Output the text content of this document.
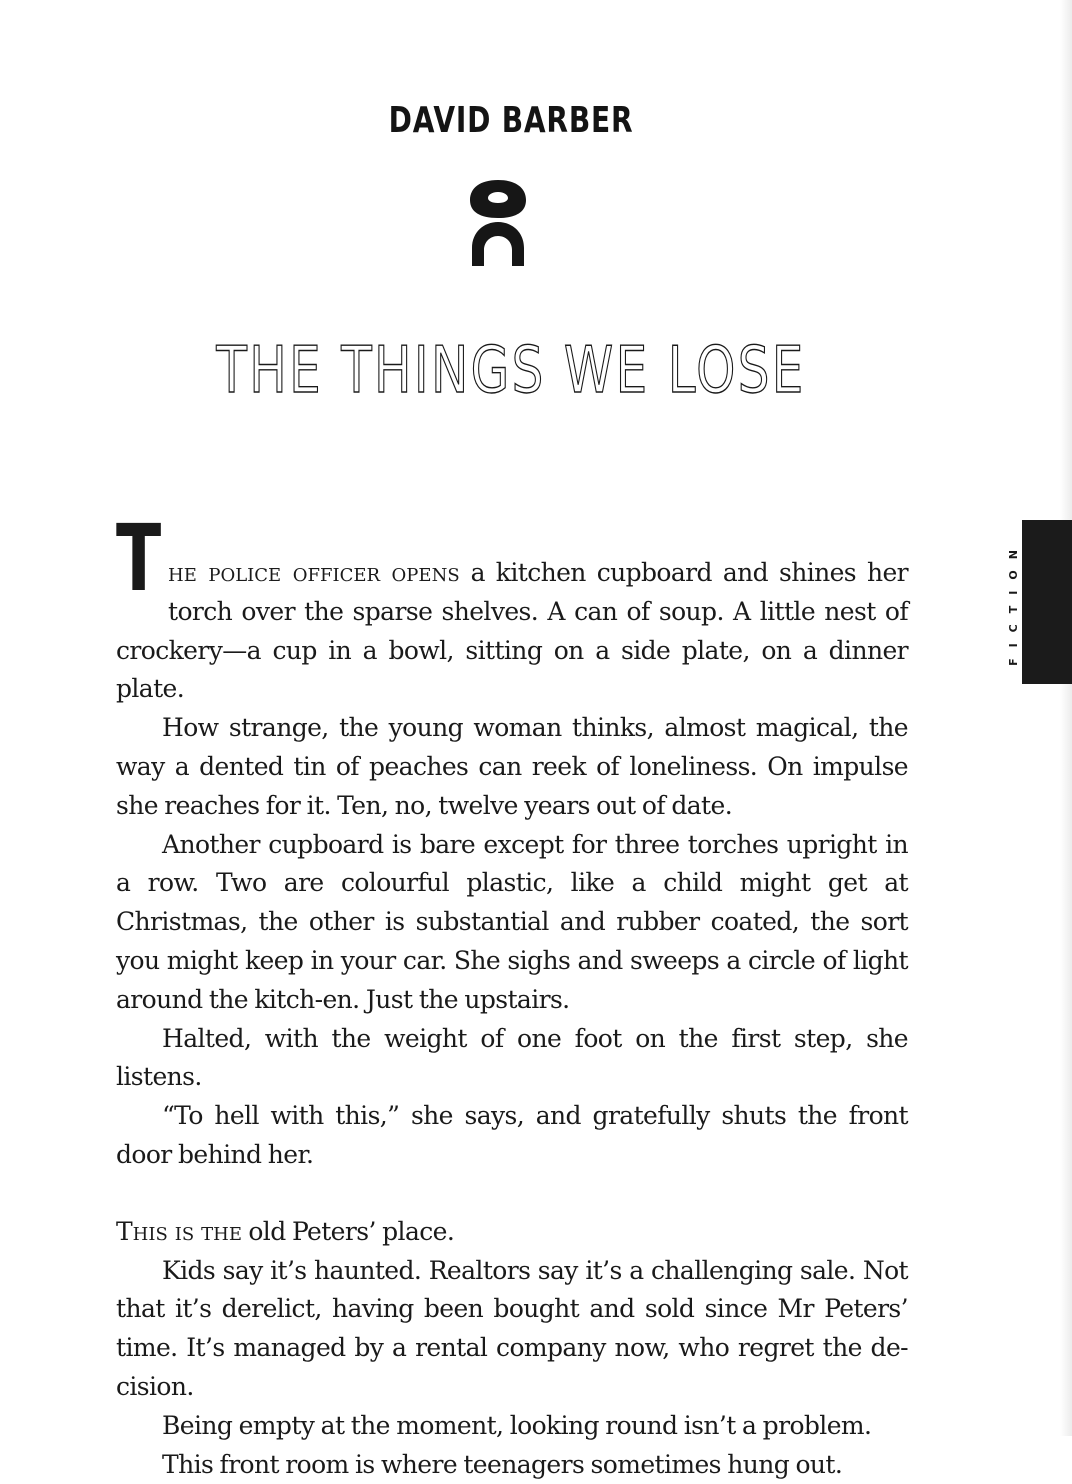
DAVID BARBER
THE THINGS WE LOSE
FICTION

The police officer opens a kitchen cupboard and shines her torch over the sparse shelves. A can of soup. A little nest of crockery—a cup in a bowl, sitting on a side plate, on a dinner plate.

How strange, the young woman thinks, almost magical, the way a dented tin of peaches can reek of loneliness. On impulse she reaches for it. Ten, no, twelve years out of date.

Another cupboard is bare except for three torches upright in a row. Two are colourful plastic, like a child might get at Christmas, the other is substantial and rubber coated, the sort you might keep in your car. She sighs and sweeps a circle of light around the kitch-en. Just the upstairs.

Halted, with the weight of one foot on the first step, she listens.

“To hell with this,” she says, and gratefully shuts the front door behind her.

This is the old Peters’ place.

Kids say it’s haunted. Realtors say it’s a challenging sale. Not that it’s derelict, having been bought and sold since Mr Peters’ time. It’s managed by a rental company now, who regret the de-cision.

Being empty at the moment, looking round isn’t a problem.

This front room is where teenagers sometimes hung out.
